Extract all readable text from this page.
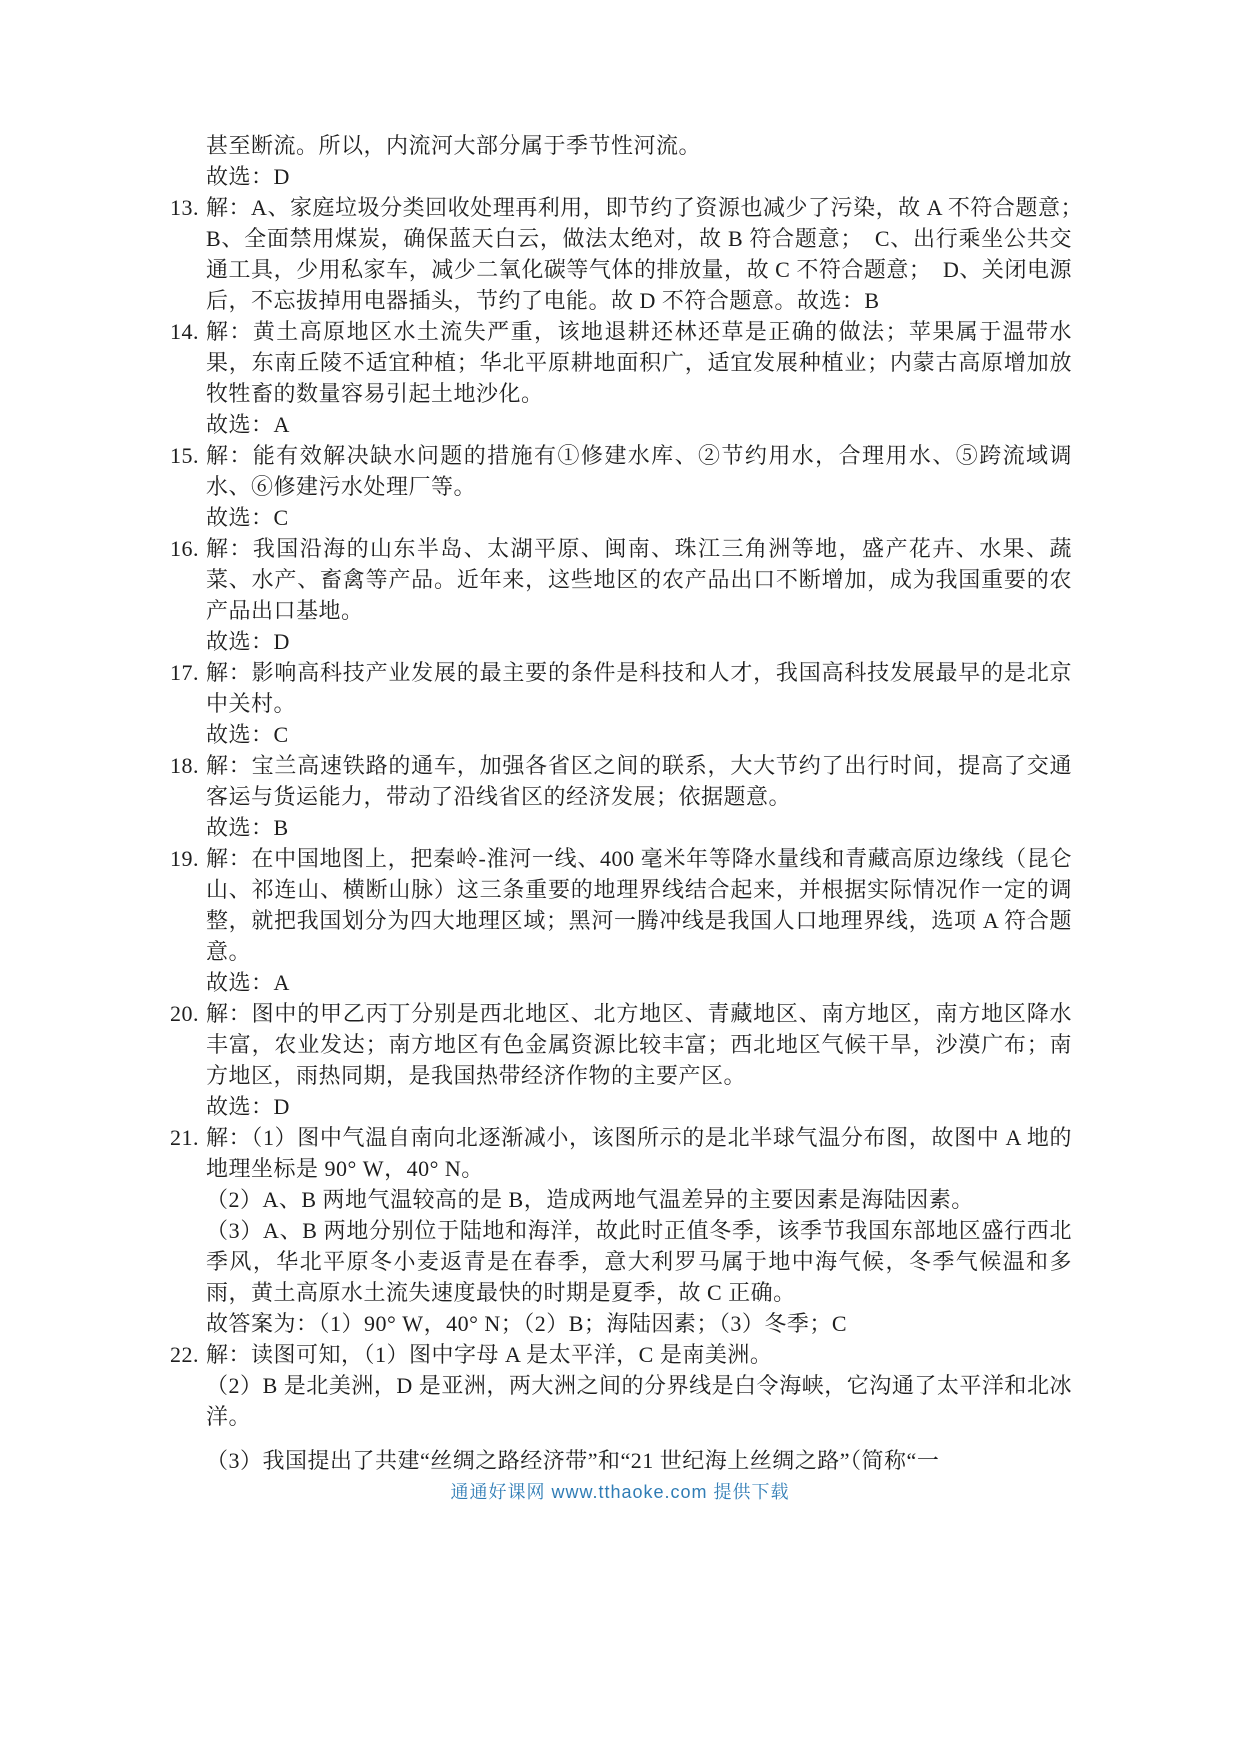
甚至断流。所以，内流河大部分属于季节性河流。

故选：D

13. 解：A、家庭垃圾分类回收处理再利用，即节约了资源也减少了污染，故 A 不符合题意；　B、全面禁用煤炭，确保蓝天白云，做法太绝对，故 B 符合题意；　C、出行乘坐公共交通工具，少用私家车，减少二氧化碳等气体的排放量，故 C 不符合题意；　D、关闭电源后，不忘拔掉用电器插头，节约了电能。故 D 不符合题意。故选：B

14. 解：黄土高原地区水土流失严重，该地退耕还林还草是正确的做法；苹果属于温带水果，东南丘陵不适宜种植；华北平原耕地面积广，适宜发展种植业；内蒙古高原增加放牧牲畜的数量容易引起土地沙化。

故选：A

15. 解：能有效解决缺水问题的措施有①修建水库、②节约用水，合理用水、⑤跨流域调水、⑥修建污水处理厂等。

故选：C

16. 解：我国沿海的山东半岛、太湖平原、闽南、珠江三角洲等地，盛产花卉、水果、蔬菜、水产、畜禽等产品。近年来，这些地区的农产品出口不断增加，成为我国重要的农产品出口基地。

故选：D

17. 解：影响高科技产业发展的最主要的条件是科技和人才，我国高科技发展最早的是北京中关村。

故选：C

18. 解：宝兰高速铁路的通车，加强各省区之间的联系，大大节约了出行时间，提高了交通客运与货运能力，带动了沿线省区的经济发展；依据题意。

故选：B

19. 解：在中国地图上，把秦岭-淮河一线、400 毫米年等降水量线和青藏高原边缘线（昆仑山、祁连山、横断山脉）这三条重要的地理界线结合起来，并根据实际情况作一定的调整，就把我国划分为四大地理区域；黑河一腾冲线是我国人口地理界线，选项 A 符合题意。

故选：A

20. 解：图中的甲乙丙丁分别是西北地区、北方地区、青藏地区、南方地区，南方地区降水丰富，农业发达；南方地区有色金属资源比较丰富；西北地区气候干旱，沙漠广布；南方地区，雨热同期，是我国热带经济作物的主要产区。

故选：D

21. 解：（1）图中气温自南向北逐渐减小，该图所示的是北半球气温分布图，故图中 A 地的地理坐标是 90° W，40° N。

（2）A、B 两地气温较高的是 B，造成两地气温差异的主要因素是海陆因素。

（3）A、B 两地分别位于陆地和海洋，故此时正值冬季，该季节我国东部地区盛行西北季风，华北平原冬小麦返青是在春季，意大利罗马属于地中海气候，冬季气候温和多雨，黄土高原水土流失速度最快的时期是夏季，故 C 正确。

故答案为：（1）90° W，40° N；（2）B；海陆因素；（3）冬季；C

22. 解：读图可知，（1）图中字母 A 是太平洋，C 是南美洲。

（2）B 是北美洲，D 是亚洲，两大洲之间的分界线是白令海峡，它沟通了太平洋和北冰洋。

（3）我国提出了共建“丝绸之路经济带”和“21 世纪海上丝绸之路”（简称“一

通通好课网 www.tthaoke.com 提供下载
